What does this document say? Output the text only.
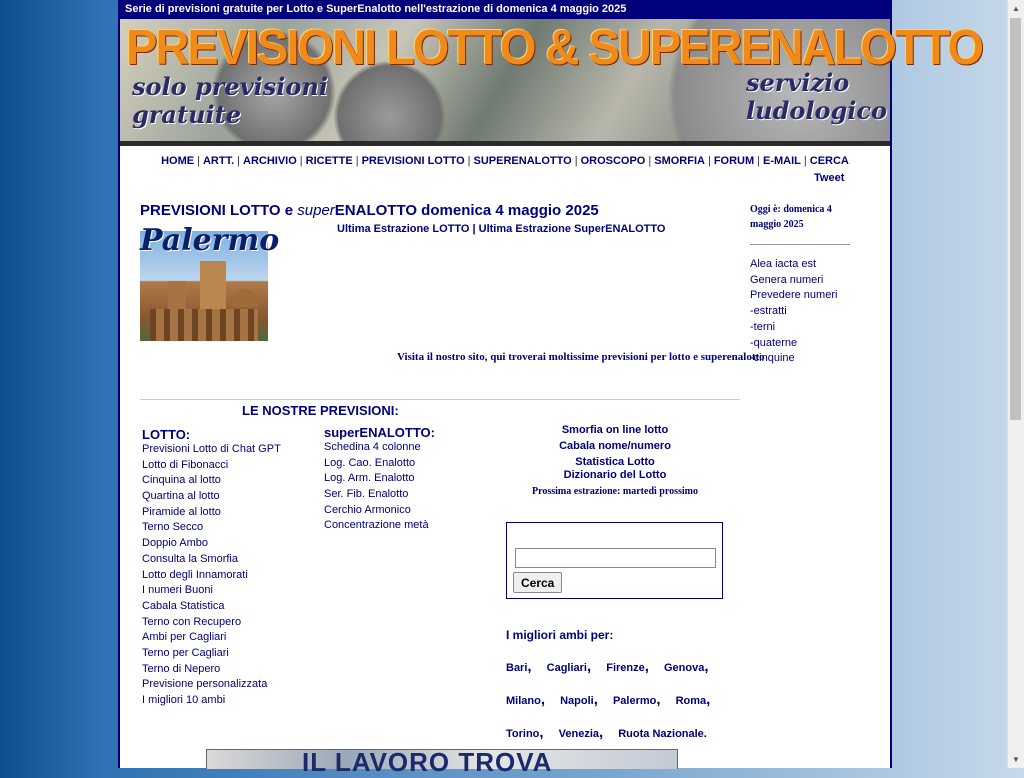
Serie di previsioni gratuite per Lotto e SuperEnalotto nell'estrazione di domenica 4 maggio 2025
PREVISIONI LOTTO & SUPERENALOTTO
solo previsioni
gratuite
servizio
ludologico
HOME | ARTT. | ARCHIVIO | RICETTE | PREVISIONI LOTTO | SUPERENALOTTO | OROSCOPO | SMORFIA | FORUM | E-MAIL | CERCA
Tweet
PREVISIONI LOTTO e superENALOTTO domenica 4 maggio 2025
Ultima Estrazione LOTTO | Ultima Estrazione SuperENALOTTO
Palermo
Visita il nostro sito, qui troverai moltissime previsioni per lotto e superenalotto
LE NOSTRE PREVISIONI:
LOTTO:
Previsioni Lotto di Chat GPT
Lotto di Fibonacci
Cinquina al lotto
Quartina al lotto
Piramide al lotto
Terno Secco
Doppio Ambo
Consulta la Smorfia
Lotto degli Innamorati
I numeri Buoni
Cabala Statistica
Terno con Recupero
Ambi per Cagliari
Terno per Cagliari
Terno di Nepero
Previsione personalizzata
I migliori 10 ambi
superENALOTTO:
Schedina 4 colonne
Log. Cao. Enalotto
Log. Arm. Enalotto
Ser. Fib. Enalotto
Cerchio Armonico
Concentrazione metà
Smorfia on line lotto
Cabala nome/numero
Statistica Lotto
Dizionario del Lotto
Prossima estrazione: martedì prossimo
Cerca
I migliori ambi per:
Bari, Cagliari, Firenze, Genova, Milano, Napoli, Palermo, Roma, Torino, Venezia, Ruota Nazionale.
Oggi è: domenica 4 maggio 2025
Alea iacta est
Genera numeri
Prevedere numeri
-estratti
-terni
-quaterne
-cinquine
IL LAVORO TROVA
▲
▼
